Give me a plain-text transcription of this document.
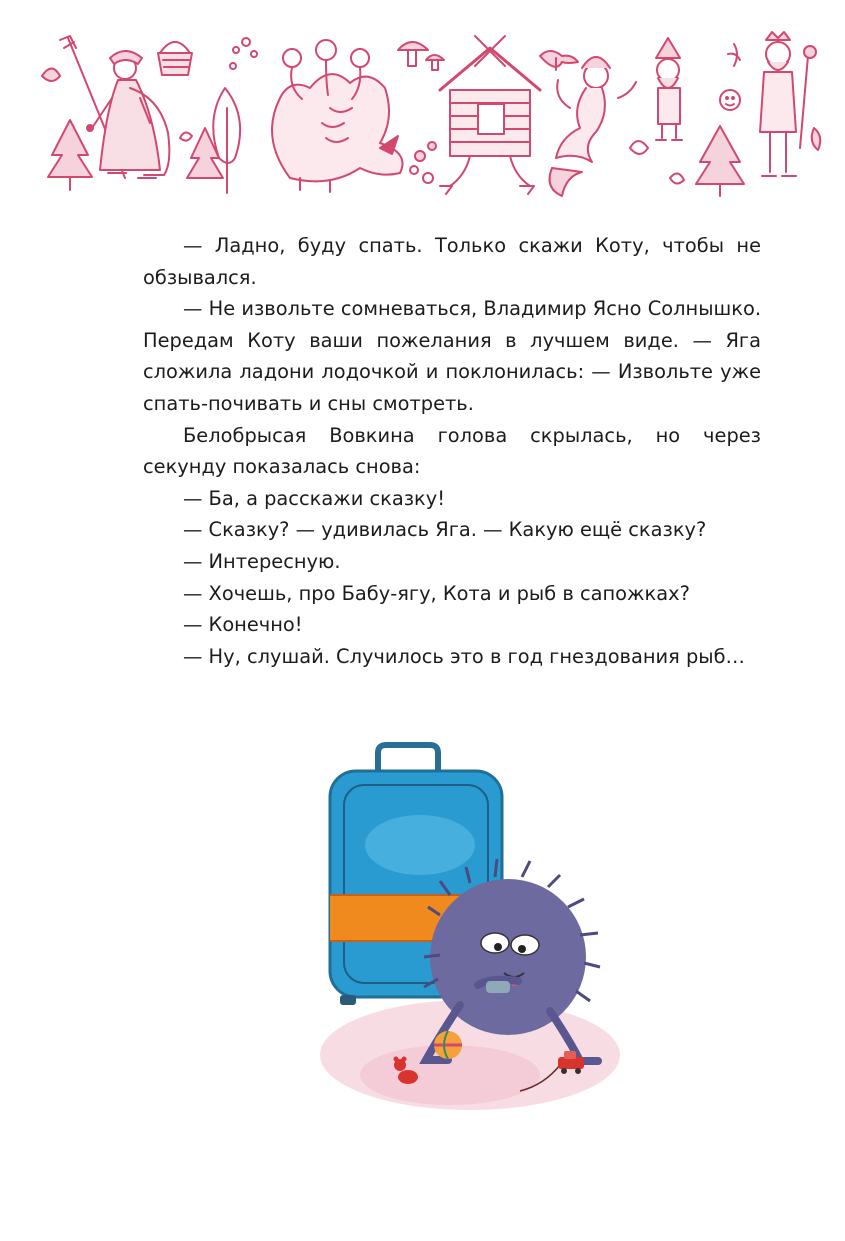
— Ладно, буду спать. Только скажи Коту, чтобы не обзывался.

— Не извольте сомневаться, Владимир Ясно Солнышко. Передам Коту ваши пожелания в лучшем виде. — Яга сложила ладони лодочкой и поклонилась: — Извольте уже спать-почивать и сны смотреть.

Белобрысая Вовкина голова скрылась, но через секунду показалась снова:

— Ба, а расскажи сказку!

— Сказку? — удивилась Яга. — Какую ещё сказку?

— Интересную.

— Хочешь, про Бабу-ягу, Кота и рыб в сапожках?

— Конечно!

— Ну, слушай. Случилось это в год гнездования рыб…
